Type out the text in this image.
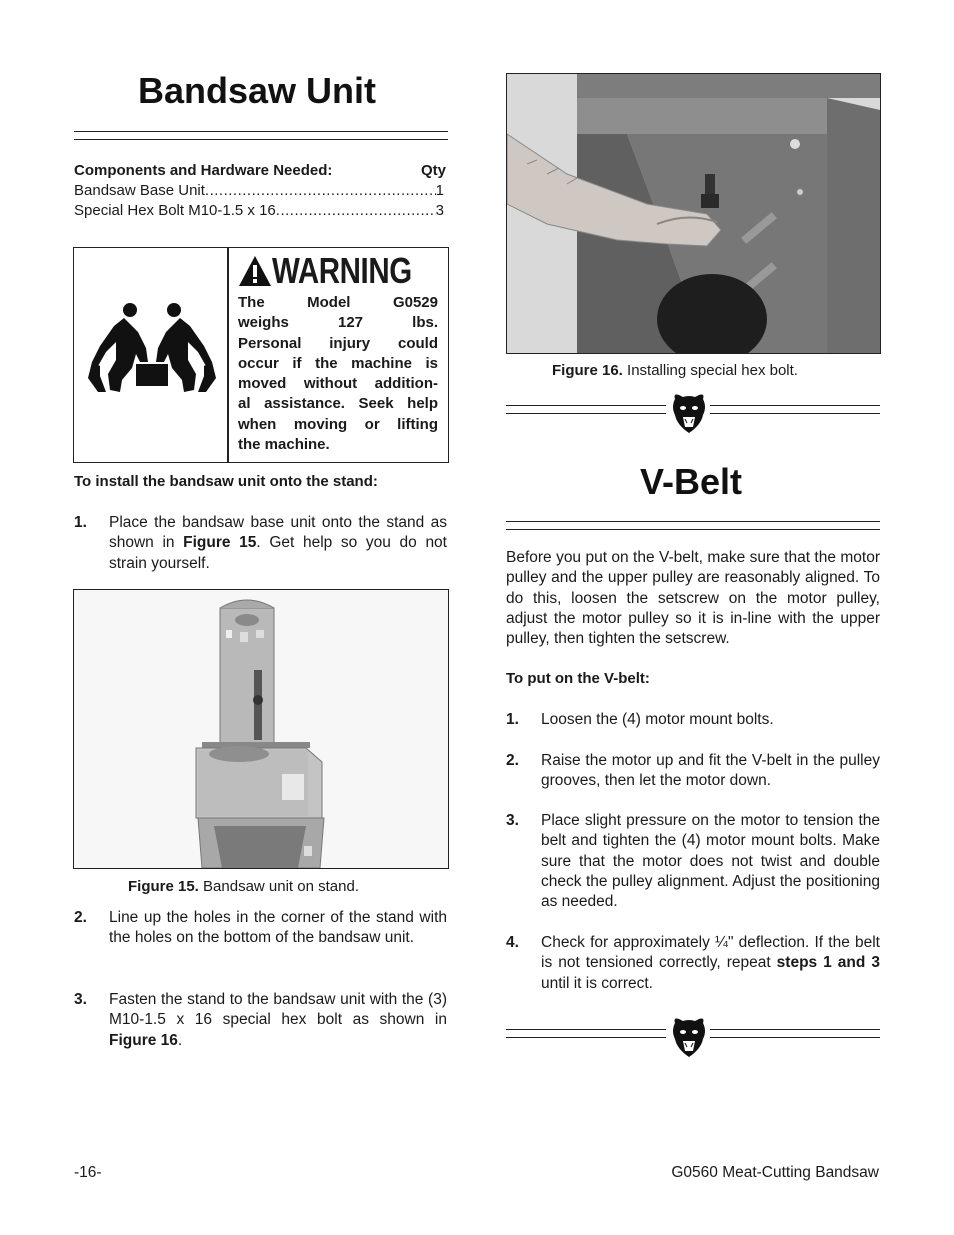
Bandsaw Unit
Components and Hardware Needed:	Qty
Bandsaw Base Unit .....	1
Special Hex Bolt M10-1.5 x 16 .....	3
WARNING
The Model G0529
weighs 127 lbs.
Personal injury could
occur if the machine is
moved without addition-
al assistance. Seek help
when moving or lifting
the machine.
To install the bandsaw unit onto the stand:
1. Place the bandsaw base unit onto the stand as shown in Figure 15. Get help so you do not strain yourself.
Figure 15. Bandsaw unit on stand.
2. Line up the holes in the corner of the stand with the holes on the bottom of the bandsaw unit.
3. Fasten the stand to the bandsaw unit with the (3) M10-1.5 x 16 special hex bolt as shown in Figure 16.
Figure 16. Installing special hex bolt.
V-Belt
Before you put on the V-belt, make sure that the motor pulley and the upper pulley are reasonably aligned. To do this, loosen the setscrew on the motor pulley, adjust the motor pulley so it is in-line with the upper pulley, then tighten the setscrew.
To put on the V-belt:
1. Loosen the (4) motor mount bolts.
2. Raise the motor up and fit the V-belt in the pulley grooves, then let the motor down.
3. Place slight pressure on the motor to tension the belt and tighten the (4) motor mount bolts. Make sure that the motor does not twist and double check the pulley alignment. Adjust the positioning as needed.
4. Check for approximately ¼" deflection. If the belt is not tensioned correctly, repeat steps 1 and 3 until it is correct.
-16-	G0560 Meat-Cutting Bandsaw
